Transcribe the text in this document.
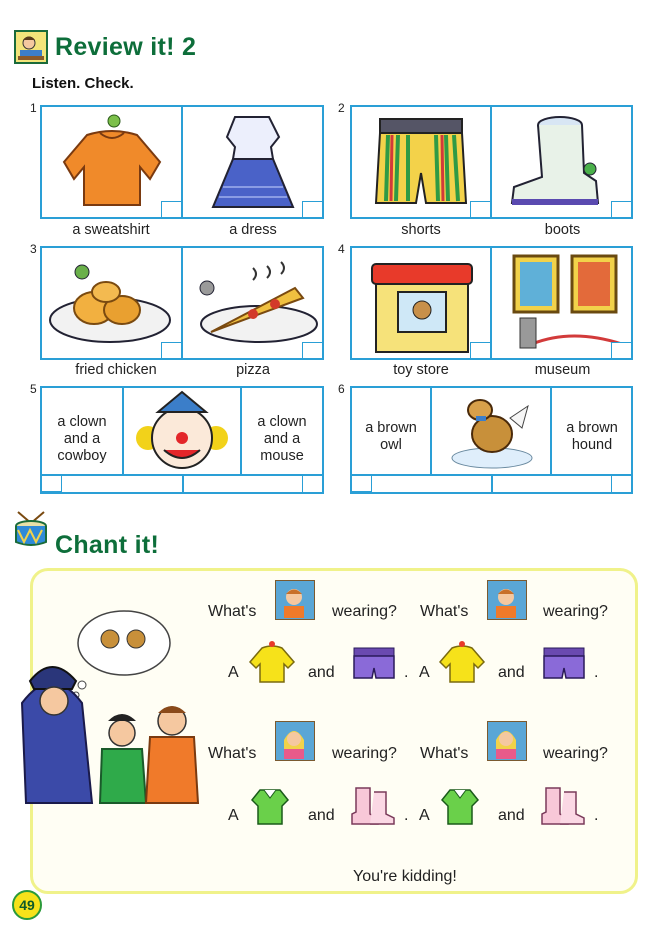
Review it! 2
Listen. Check.
1
a sweatshirt	a dress
2
shorts	boots
3
fried chicken	pizza
4
toy store	museum
5
a clown
and a
cowboy
a clown
and a
mouse
6
a brown
owl
a brown
hound
Chant it!
What's	wearing? What's	wearing?
A	and	. A	and	.
What's	wearing? What's	wearing?
A	and	. A	and	.
You're kidding!
49
